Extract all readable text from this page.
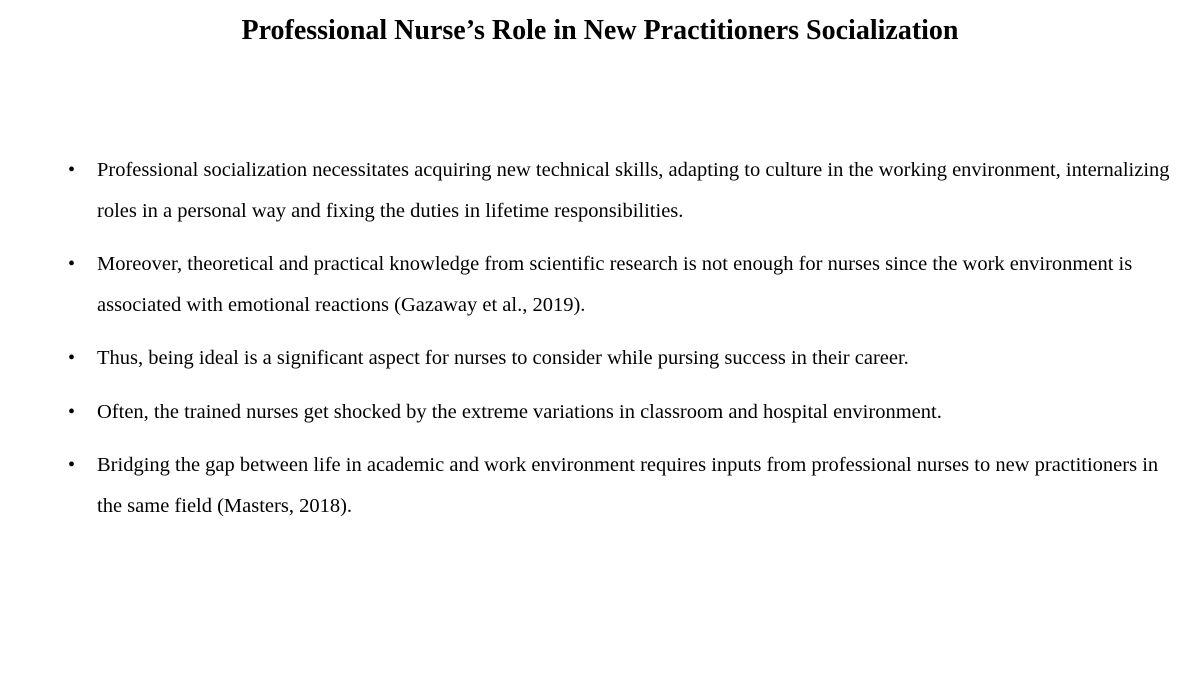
Professional Nurse’s Role in New Practitioners Socialization
• Professional socialization necessitates acquiring new technical skills, adapting to culture in the working environment, internalizing roles in a personal way and fixing the duties in lifetime responsibilities.
• Moreover, theoretical and practical knowledge from scientific research is not enough for nurses since the work environment is associated with emotional reactions (Gazaway et al., 2019).
• Thus, being ideal is a significant aspect for nurses to consider while pursing success in their career.
• Often, the trained nurses get shocked by the extreme variations in classroom and hospital environment.
• Bridging the gap between life in academic and work environment requires inputs from professional nurses to new practitioners in the same field (Masters, 2018).
